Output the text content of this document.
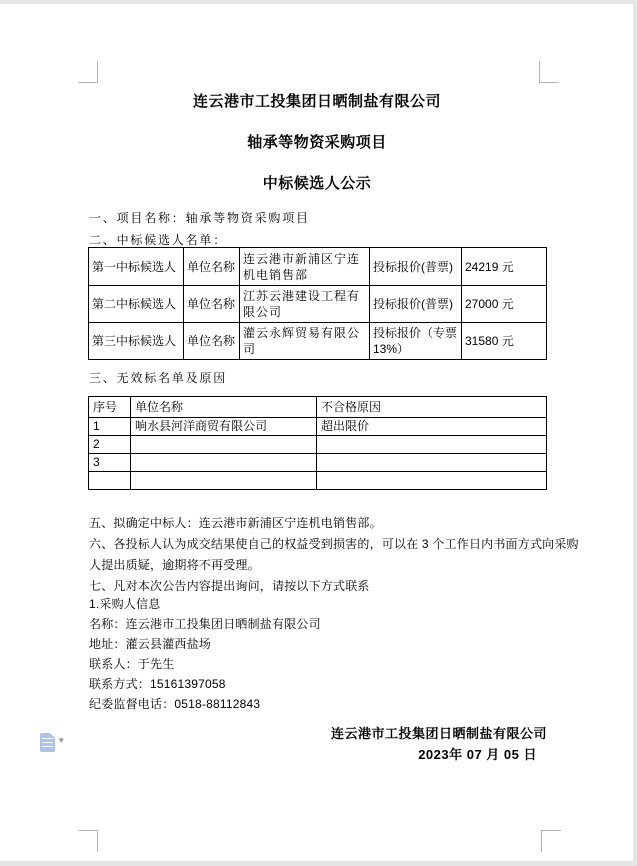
连云港市工投集团日晒制盐有限公司
轴承等物资采购项目
中标候选人公示
一、项目名称：轴承等物资采购项目
二、中标候选人名单：
第一中标候选人	单位名称	连云港市新浦区宁连机电销售部	投标报价(普票)	24219 元
第二中标候选人	单位名称	江苏云港建设工程有限公司	投标报价(普票)	27000 元
第三中标候选人	单位名称	灌云永辉贸易有限公司	投标报价（专票 13%）	31580 元
三、无效标名单及原因
序号	单位名称	不合格原因
1	响水县河洋商贸有限公司	超出限价
2		
3		

五、拟确定中标人：连云港市新浦区宁连机电销售部。
六、各投标人认为成交结果使自己的权益受到损害的，可以在 3 个工作日内书面方式向采购
人提出质疑，逾期将不再受理。
七、凡对本次公告内容提出询问，请按以下方式联系
1.采购人信息
名称：连云港市工投集团日晒制盐有限公司
地址：灌云县灌西盐场
联系人：于先生
联系方式：15161397058
纪委监督电话：0518-88112843
连云港市工投集团日晒制盐有限公司
2023年 07 月 05 日
▾
